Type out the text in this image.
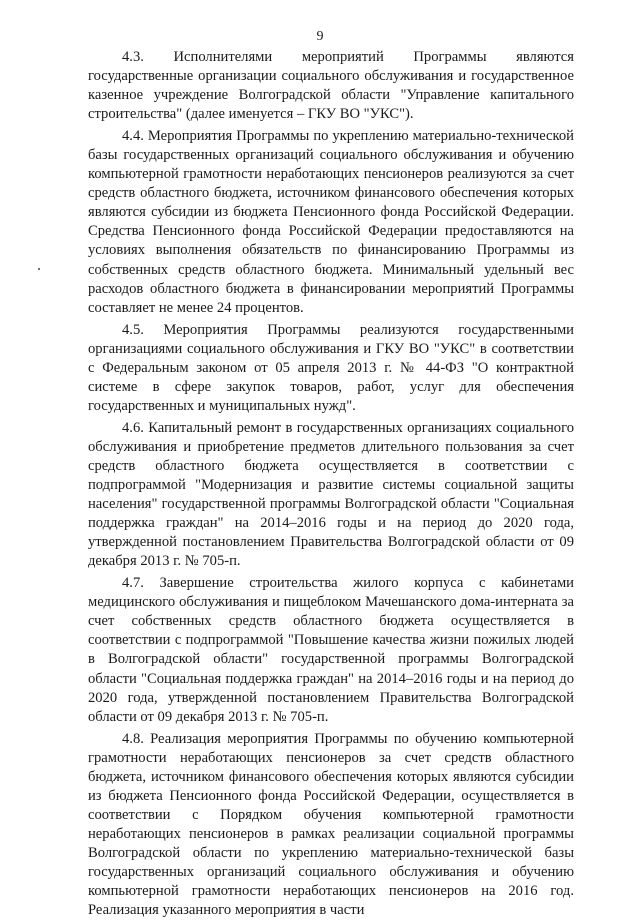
9

4.3. Исполнителями мероприятий Программы являются государственные организации социального обслуживания и государственное казенное учреждение Волгоградской области "Управление капитального строительства" (далее именуется – ГКУ ВО "УКС").

4.4. Мероприятия Программы по укреплению материально-технической базы государственных организаций социального обслуживания и обучению компьютерной грамотности неработающих пенсионеров реализуются за счет средств областного бюджета, источником финансового обеспечения которых являются субсидии из бюджета Пенсионного фонда Российской Федерации. Средства Пенсионного фонда Российской Федерации предоставляются на условиях выполнения обязательств по финансированию Программы из собственных средств областного бюджета. Минимальный удельный вес расходов областного бюджета в финансировании мероприятий Программы составляет не менее 24 процентов.

4.5. Мероприятия Программы реализуются государственными организациями социального обслуживания и ГКУ ВО "УКС" в соответствии с Федеральным законом от 05 апреля 2013 г. № 44-ФЗ "О контрактной системе в сфере закупок товаров, работ, услуг для обеспечения государственных и муниципальных нужд".

4.6. Капитальный ремонт в государственных организациях социального обслуживания и приобретение предметов длительного пользования за счет средств областного бюджета осуществляется в соответствии с подпрограммой "Модернизация и развитие системы социальной защиты населения" государственной программы Волгоградской области "Социальная поддержка граждан" на 2014–2016 годы и на период до 2020 года, утвержденной постановлением Правительства Волгоградской области от 09 декабря 2013 г. № 705-п.

4.7. Завершение строительства жилого корпуса с кабинетами медицинского обслуживания и пищеблоком Мачешанского дома-интерната за счет собственных средств областного бюджета осуществляется в соответствии с подпрограммой "Повышение качества жизни пожилых людей в Волгоградской области" государственной программы Волгоградской области "Социальная поддержка граждан" на 2014–2016 годы и на период до 2020 года, утвержденной постановлением Правительства Волгоградской области от 09 декабря 2013 г. № 705-п.

4.8. Реализация мероприятия Программы по обучению компьютерной грамотности неработающих пенсионеров за счет средств областного бюджета, источником финансового обеспечения которых являются субсидии из бюджета Пенсионного фонда Российской Федерации, осуществляется в соответствии с Порядком обучения компьютерной грамотности неработающих пенсионеров в рамках реализации социальной программы Волгоградской области по укреплению материально-технической базы государственных организаций социального обслуживания и обучению компьютерной грамотности неработающих пенсионеров на 2016 год. Реализация указанного мероприятия в части
